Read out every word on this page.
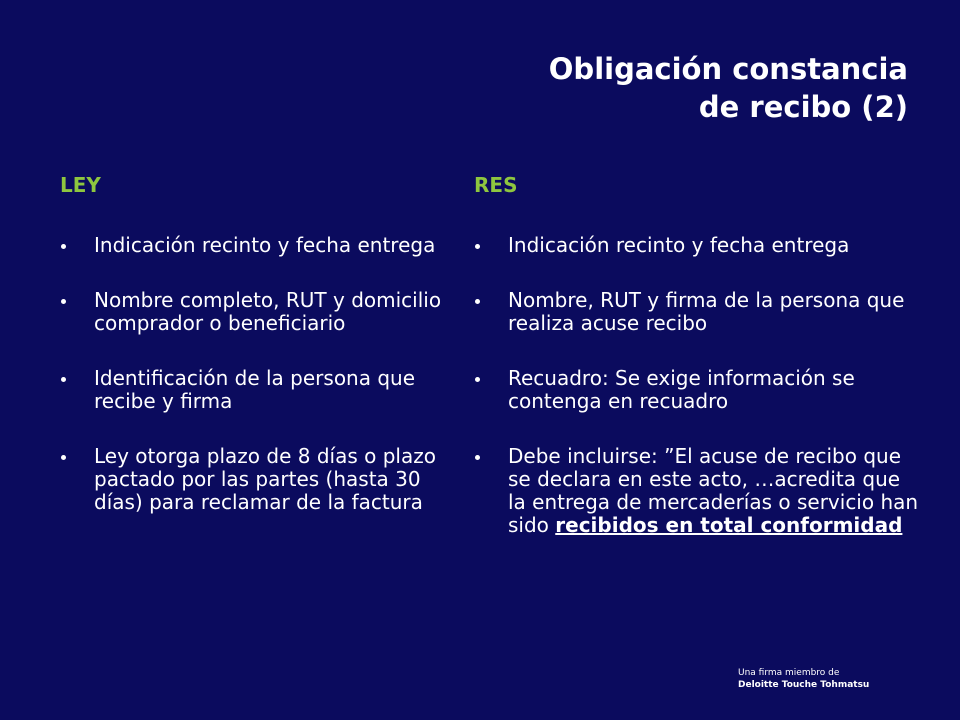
Obligación constancia
de recibo (2)
LEY
Indicación recinto y fecha entrega
Nombre completo, RUT y domicilio comprador o beneficiario
Identificación de la persona que recibe y firma
Ley otorga plazo de 8 días o plazo pactado por las partes (hasta 30 días) para reclamar de la factura
RES
Indicación recinto y fecha entrega
Nombre, RUT y firma de la persona que realiza acuse recibo
Recuadro: Se exige información se contenga en recuadro
Debe incluirse: ”El acuse de recibo que se declara en este acto, …acredita que la entrega de mercaderías o servicio han sido recibidos en total conformidad
Una firma miembro de
Deloitte Touche Tohmatsu
